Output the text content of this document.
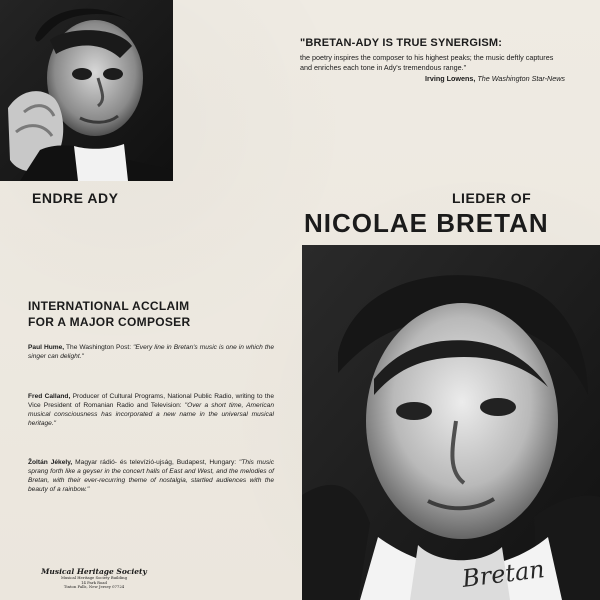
"BRETAN-ADY IS TRUE SYNERGISM:
the poetry inspires the composer to his highest peaks; the music deftly captures and enriches each tone in Ady's tremendous range."
Irving Lowens, The Washington Star-News
ENDRE ADY	LIEDER OF
NICOLAE BRETAN
INTERNATIONAL ACCLAIM
FOR A MAJOR COMPOSER
Paul Hume, The Washington Post: "Every line in Bretan's music is one in which the singer can delight."
Fred Calland, Producer of Cultural Programs, National Public Radio, writing to the Vice President of Romanian Radio and Television: "Over a short time, American musical consciousness has incorporated a new name in the universal musical heritage."
Žoltán Jékely, Magyar rádió- és televízió-ujság, Budapest, Hungary: "This music sprang forth like a geyser in the concert halls of East and West, and the melodies of Bretan, with their ever-recurring theme of nostalgia, startled audiences with the beauty of a rainbow."
Bretan
Musical Heritage Society
Musical Heritage Society Building
14 Park Road
Tinton Falls, New Jersey 07724
